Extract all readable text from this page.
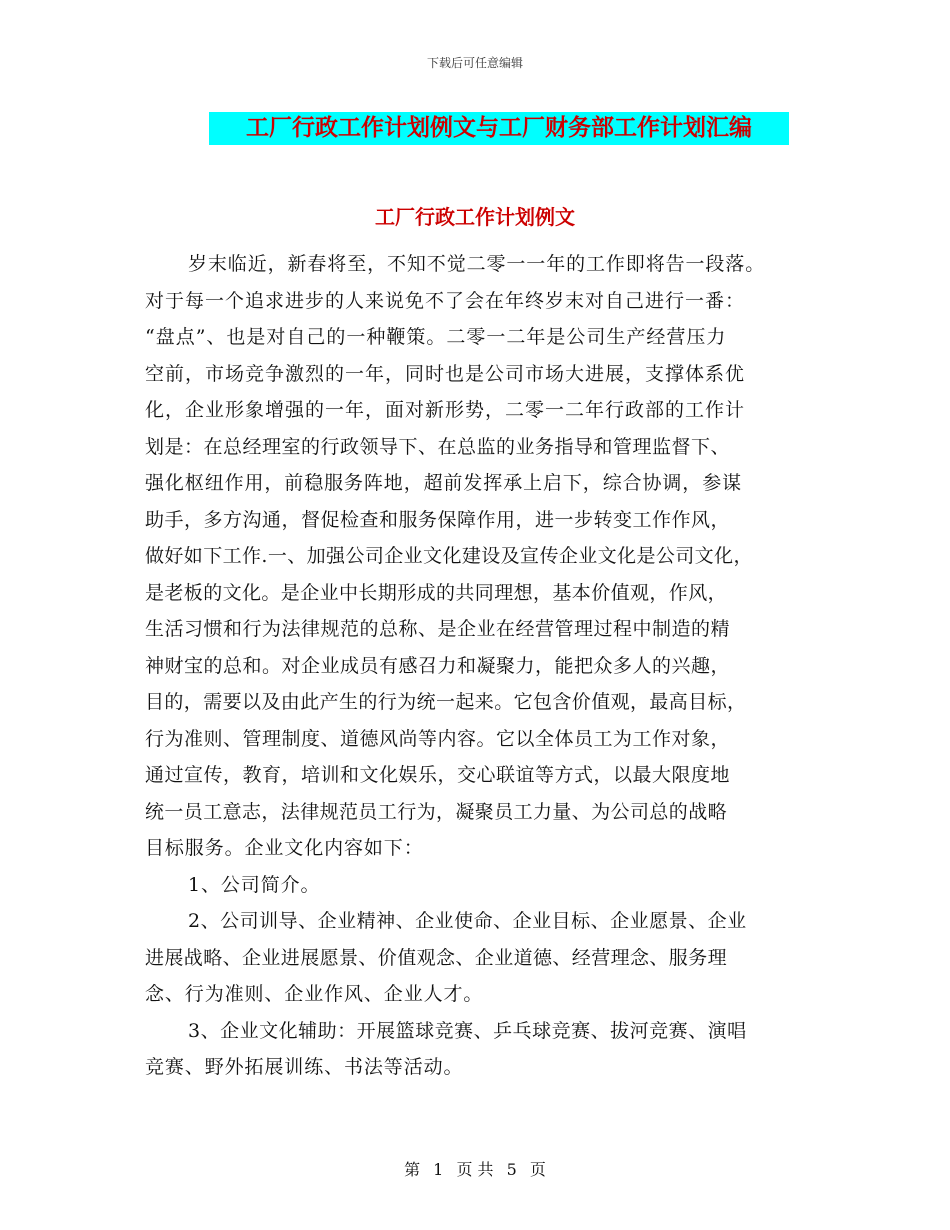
下载后可任意编辑
工厂行政工作计划例文与工厂财务部工作计划汇编
工厂行政工作计划例文
岁末临近，新春将至，不知不觉二零一一年的工作即将告一段落。
对于每一个追求进步的人来说免不了会在年终岁末对自己进行一番：
“盘点”、也是对自己的一种鞭策。二零一二年是公司生产经营压力
空前，市场竞争激烈的一年，同时也是公司市场大进展，支撑体系优
化，企业形象增强的一年，面对新形势，二零一二年行政部的工作计
划是：在总经理室的行政领导下、在总监的业务指导和管理监督下、
强化枢纽作用，前稳服务阵地，超前发挥承上启下，综合协调，参谋
助手，多方沟通，督促检查和服务保障作用，进一步转变工作作风，
做好如下工作.一、加强公司企业文化建设及宣传企业文化是公司文化，
是老板的文化。是企业中长期形成的共同理想，基本价值观，作风，
生活习惯和行为法律规范的总称、是企业在经营管理过程中制造的精
神财宝的总和。对企业成员有感召力和凝聚力，能把众多人的兴趣，
目的，需要以及由此产生的行为统一起来。它包含价值观，最高目标，
行为准则、管理制度、道德风尚等内容。它以全体员工为工作对象，
通过宣传，教育，培训和文化娱乐，交心联谊等方式，以最大限度地
统一员工意志，法律规范员工行为，凝聚员工力量、为公司总的战略
目标服务。企业文化内容如下：
1、公司简介。
2、公司训导、企业精神、企业使命、企业目标、企业愿景、企业
进展战略、企业进展愿景、价值观念、企业道德、经营理念、服务理
念、行为准则、企业作风、企业人才。
3、企业文化辅助：开展篮球竞赛、乒乓球竞赛、拔河竞赛、演唱
竞赛、野外拓展训练、书法等活动。
第 1 页 共 5 页
